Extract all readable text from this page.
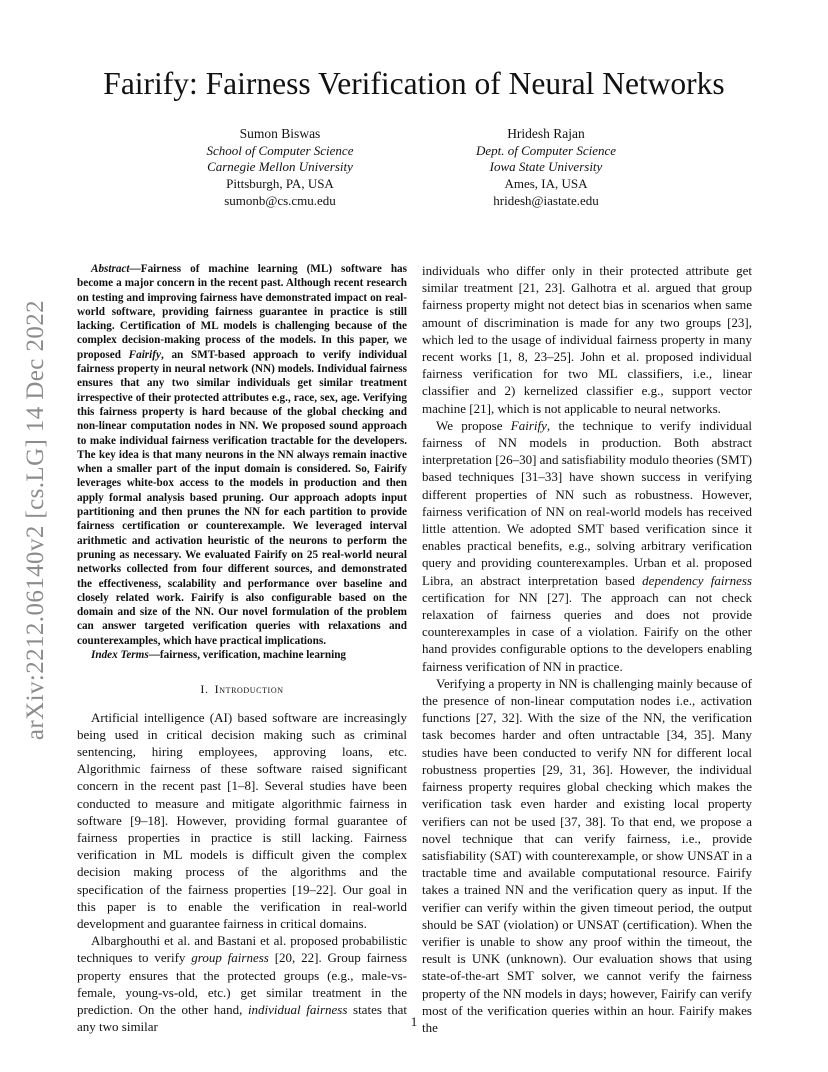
arXiv:2212.06140v2 [cs.LG] 14 Dec 2022
Fairify: Fairness Verification of Neural Networks
Sumon Biswas
School of Computer Science
Carnegie Mellon University
Pittsburgh, PA, USA
sumonb@cs.cmu.edu
Hridesh Rajan
Dept. of Computer Science
Iowa State University
Ames, IA, USA
hridesh@iastate.edu

Abstract—Fairness of machine learning (ML) software has become a major concern in the recent past. Although recent research on testing and improving fairness have demonstrated impact on real-world software, providing fairness guarantee in practice is still lacking. Certification of ML models is challenging because of the complex decision-making process of the models. In this paper, we proposed Fairify, an SMT-based approach to verify individual fairness property in neural network (NN) models. Individual fairness ensures that any two similar individuals get similar treatment irrespective of their protected attributes e.g., race, sex, age. Verifying this fairness property is hard because of the global checking and non-linear computation nodes in NN. We proposed sound approach to make individual fairness verification tractable for the developers. The key idea is that many neurons in the NN always remain inactive when a smaller part of the input domain is considered. So, Fairify leverages white-box access to the models in production and then apply formal analysis based pruning. Our approach adopts input partitioning and then prunes the NN for each partition to provide fairness certification or counterexample. We leveraged interval arithmetic and activation heuristic of the neurons to perform the pruning as necessary. We evaluated Fairify on 25 real-world neural networks collected from four different sources, and demonstrated the effectiveness, scalability and performance over baseline and closely related work. Fairify is also configurable based on the domain and size of the NN. Our novel formulation of the problem can answer targeted verification queries with relaxations and counterexamples, which have practical implications.

Index Terms—fairness, verification, machine learning

I. Introduction

Artificial intelligence (AI) based software are increasingly being used in critical decision making such as criminal sentencing, hiring employees, approving loans, etc. Algorithmic fairness of these software raised significant concern in the recent past [1–8]. Several studies have been conducted to measure and mitigate algorithmic fairness in software [9–18]. However, providing formal guarantee of fairness properties in practice is still lacking. Fairness verification in ML models is difficult given the complex decision making process of the algorithms and the specification of the fairness properties [19–22]. Our goal in this paper is to enable the verification in real-world development and guarantee fairness in critical domains.

Albarghouthi et al. and Bastani et al. proposed probabilistic techniques to verify group fairness [20, 22]. Group fairness property ensures that the protected groups (e.g., male-vs-female, young-vs-old, etc.) get similar treatment in the prediction. On the other hand, individual fairness states that any two similar

individuals who differ only in their protected attribute get similar treatment [21, 23]. Galhotra et al. argued that group fairness property might not detect bias in scenarios when same amount of discrimination is made for any two groups [23], which led to the usage of individual fairness property in many recent works [1, 8, 23–25]. John et al. proposed individual fairness verification for two ML classifiers, i.e., linear classifier and 2) kernelized classifier e.g., support vector machine [21], which is not applicable to neural networks.

We propose Fairify, the technique to verify individual fairness of NN models in production. Both abstract interpretation [26–30] and satisfiability modulo theories (SMT) based techniques [31–33] have shown success in verifying different properties of NN such as robustness. However, fairness verification of NN on real-world models has received little attention. We adopted SMT based verification since it enables practical benefits, e.g., solving arbitrary verification query and providing counterexamples. Urban et al. proposed Libra, an abstract interpretation based dependency fairness certification for NN [27]. The approach can not check relaxation of fairness queries and does not provide counterexamples in case of a violation. Fairify on the other hand provides configurable options to the developers enabling fairness verification of NN in practice.

Verifying a property in NN is challenging mainly because of the presence of non-linear computation nodes i.e., activation functions [27, 32]. With the size of the NN, the verification task becomes harder and often untractable [34, 35]. Many studies have been conducted to verify NN for different local robustness properties [29, 31, 36]. However, the individual fairness property requires global checking which makes the verification task even harder and existing local property verifiers can not be used [37, 38]. To that end, we propose a novel technique that can verify fairness, i.e., provide satisfiability (SAT) with counterexample, or show UNSAT in a tractable time and available computational resource. Fairify takes a trained NN and the verification query as input. If the verifier can verify within the given timeout period, the output should be SAT (violation) or UNSAT (certification). When the verifier is unable to show any proof within the timeout, the result is UNK (unknown). Our evaluation shows that using state-of-the-art SMT solver, we cannot verify the fairness property of the NN models in days; however, Fairify can verify most of the verification queries within an hour. Fairify makes the

1
